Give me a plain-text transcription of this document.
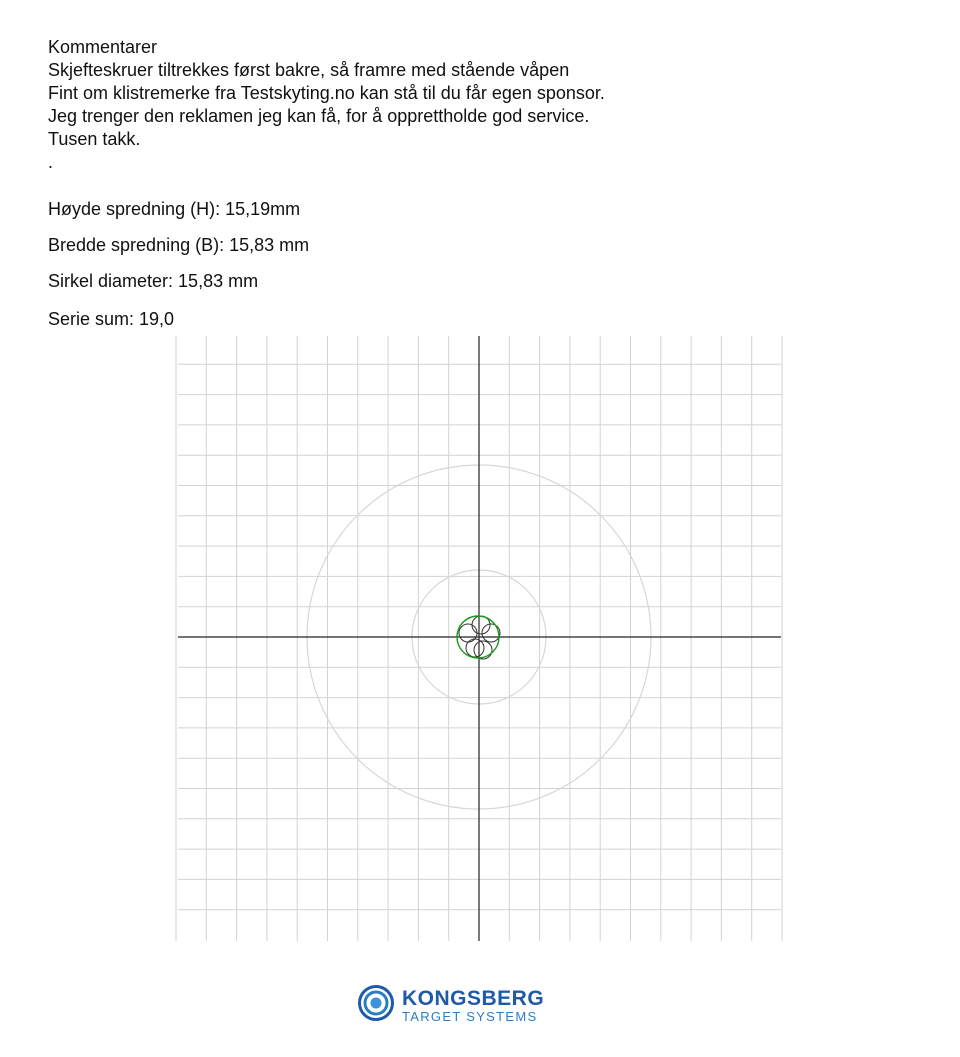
Kommentarer
Skjefteskruer tiltrekkes først bakre, så framre med stående våpen
Fint om klistremerke fra Testskyting.no kan stå til du får egen sponsor.
Jeg trenger den reklamen jeg kan få, for å opprettholde god service.
Tusen takk.
.
Høyde spredning (H): 15,19mm
Bredde spredning (B): 15,83 mm
Sirkel diameter: 15,83 mm
Serie sum: 19,0
KONGSBERG
TARGET SYSTEMS
